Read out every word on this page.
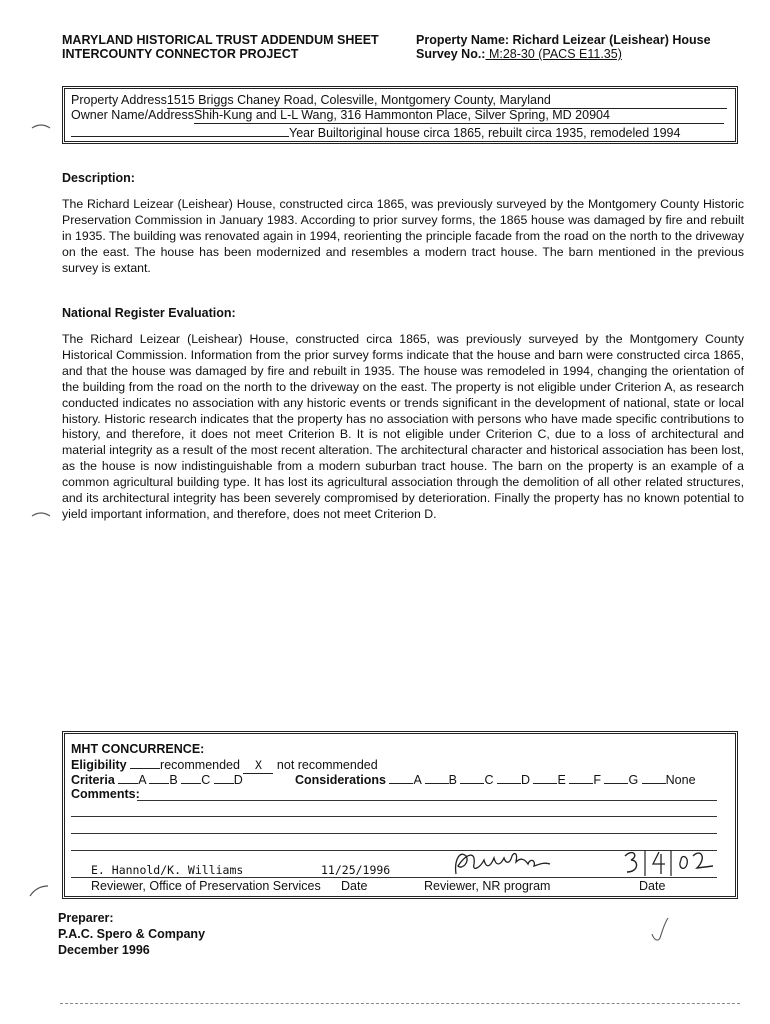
MARYLAND HISTORICAL TRUST ADDENDUM SHEET
INTERCOUNTY CONNECTOR PROJECT
Property Name: Richard Leizear (Leishear) House
Survey No.: M:28-30 (PACS E11.35)
Property Address1515 Briggs Chaney Road, Colesville, Montgomery County, Maryland
Owner Name/AddressShih-Kung and L-L Wang, 316 Hammonton Place, Silver Spring, MD 20904
Year Builtoriginal house circa 1865, rebuilt circa 1935, remodeled 1994
Description:

The Richard Leizear (Leishear) House, constructed circa 1865, was previously surveyed by the Montgomery County Historic Preservation Commission in January 1983. According to prior survey forms, the 1865 house was damaged by fire and rebuilt in 1935. The building was renovated again in 1994, reorienting the principle facade from the road on the north to the driveway on the east. The house has been modernized and resembles a modern tract house. The barn mentioned in the previous survey is extant.

National Register Evaluation:

The Richard Leizear (Leishear) House, constructed circa 1865, was previously surveyed by the Montgomery County Historical Commission. Information from the prior survey forms indicate that the house and barn were constructed circa 1865, and that the house was damaged by fire and rebuilt in 1935. The house was remodeled in 1994, changing the orientation of the building from the road on the north to the driveway on the east. The property is not eligible under Criterion A, as research conducted indicates no association with any historic events or trends significant in the development of national, state or local history. Historic research indicates that the property has no association with persons who have made specific contributions to history, and therefore, it does not meet Criterion B. It is not eligible under Criterion C, due to a loss of architectural and material integrity as a result of the most recent alteration. The architectural character and historical association has been lost, as the house is now indistinguishable from a modern suburban tract house. The barn on the property is an example of a common agricultural building type. It has lost its agricultural association through the demolition of all other related structures, and its architectural integrity has been severely compromised by deterioration. Finally the property has no known potential to yield important information, and therefore, does not meet Criterion D.

MHT CONCURRENCE:
Eligibility	recommended X not recommended
Criteria A B C D	Considerations A B C D E F G None
Comments:
E. Hannold/K. Williams	11/25/1996
Reviewer, Office of Preservation Services Date	Reviewer, NR program	Date
Preparer:
P.A.C. Spero & Company
December 1996
